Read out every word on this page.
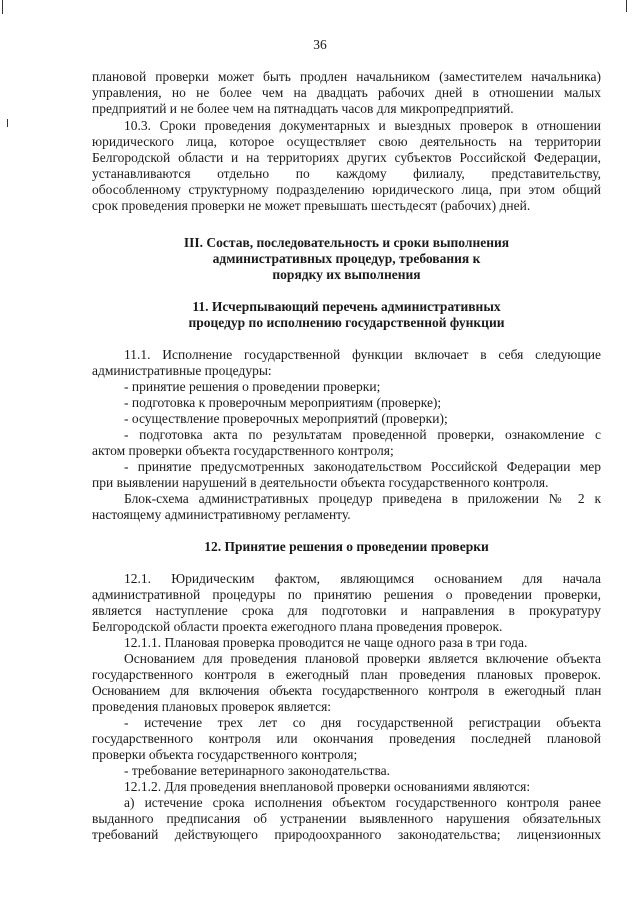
36
плановой проверки может быть продлен начальником (заместителем начальника)
управления, но не более чем на двадцать рабочих дней в отношении малых
предприятий и не более чем на пятнадцать часов для микропредприятий.
10.3. Сроки проведения документарных и выездных проверок в отношении
юридического лица, которое осуществляет свою деятельность на территории
Белгородской области и на территориях других субъектов Российской Федерации,
устанавливаются отдельно по каждому филиалу, представительству,
обособленному структурному подразделению юридического лица, при этом общий
срок проведения проверки не может превышать шестьдесят (рабочих) дней.
III. Состав, последовательность и сроки выполнения
административных процедур, требования к
порядку их выполнения
11. Исчерпывающий перечень административных
процедур по исполнению государственной функции
11.1. Исполнение государственной функции включает в себя следующие
административные процедуры:
- принятие решения о проведении проверки;
- подготовка к проверочным мероприятиям (проверке);
- осуществление проверочных мероприятий (проверки);
- подготовка акта по результатам проведенной проверки, ознакомление с
актом проверки объекта государственного контроля;
- принятие предусмотренных законодательством Российской Федерации мер
при выявлении нарушений в деятельности объекта государственного контроля.
Блок-схема административных процедур приведена в приложении № 2 к
настоящему административному регламенту.
12. Принятие решения о проведении проверки
12.1. Юридическим фактом, являющимся основанием для начала
административной процедуры по принятию решения о проведении проверки,
является наступление срока для подготовки и направления в прокуратуру
Белгородской области проекта ежегодного плана проведения проверок.
12.1.1. Плановая проверка проводится не чаще одного раза в три года.
Основанием для проведения плановой проверки является включение объекта
государственного контроля в ежегодный план проведения плановых проверок.
Основанием для включения объекта государственного контроля в ежегодный план
проведения плановых проверок является:
- истечение трех лет со дня государственной регистрации объекта
государственного контроля или окончания проведения последней плановой
проверки объекта государственного контроля;
- требование ветеринарного законодательства.
12.1.2. Для проведения внеплановой проверки основаниями являются:
а) истечение срока исполнения объектом государственного контроля ранее
выданного предписания об устранении выявленного нарушения обязательных
требований действующего природоохранного законодательства; лицензионных
